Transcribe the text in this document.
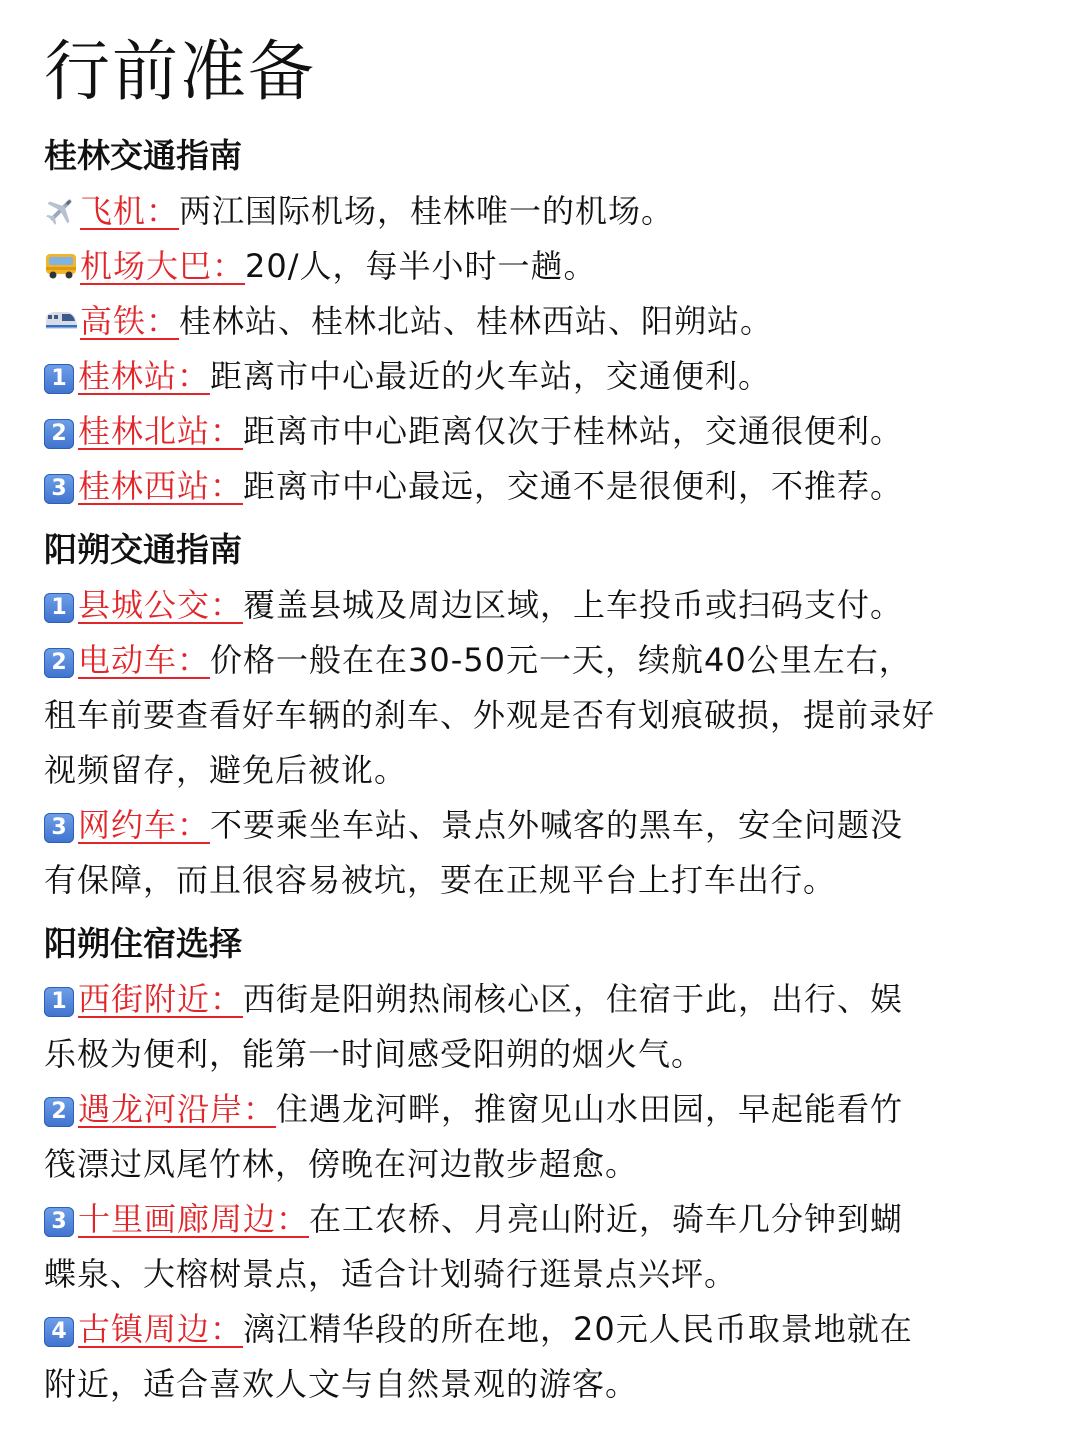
行前准备
桂林交通指南

飞机：两江国际机场，桂林唯一的机场。

机场大巴：20/人，每半小时一趟。

高铁：桂林站、桂林北站、桂林西站、阳朔站。

1 桂林站：距离市中心最近的火车站，交通便利。

2 桂林北站：距离市中心距离仅次于桂林站，交通很便利。

3 桂林西站：距离市中心最远，交通不是很便利，不推荐。

阳朔交通指南

1 县城公交：覆盖县城及周边区域，上车投币或扫码支付。

2 电动车：价格一般在在30-50元一天，续航40公里左右，

租车前要查看好车辆的刹车、外观是否有划痕破损，提前录好

视频留存，避免后被讹。

3 网约车：不要乘坐车站、景点外喊客的黑车，安全问题没

有保障，而且很容易被坑，要在正规平台上打车出行。

阳朔住宿选择

1 西街附近：西街是阳朔热闹核心区，住宿于此，出行、娱

乐极为便利，能第一时间感受阳朔的烟火气。

2 遇龙河沿岸：住遇龙河畔，推窗见山水田园，早起能看竹

筏漂过凤尾竹林，傍晚在河边散步超愈。

3 十里画廊周边：在工农桥、月亮山附近，骑车几分钟到蝴

蝶泉、大榕树景点，适合计划骑行逛景点兴坪。

4 古镇周边：漓江精华段的所在地，20元人民币取景地就在

附近，适合喜欢人文与自然景观的游客。
